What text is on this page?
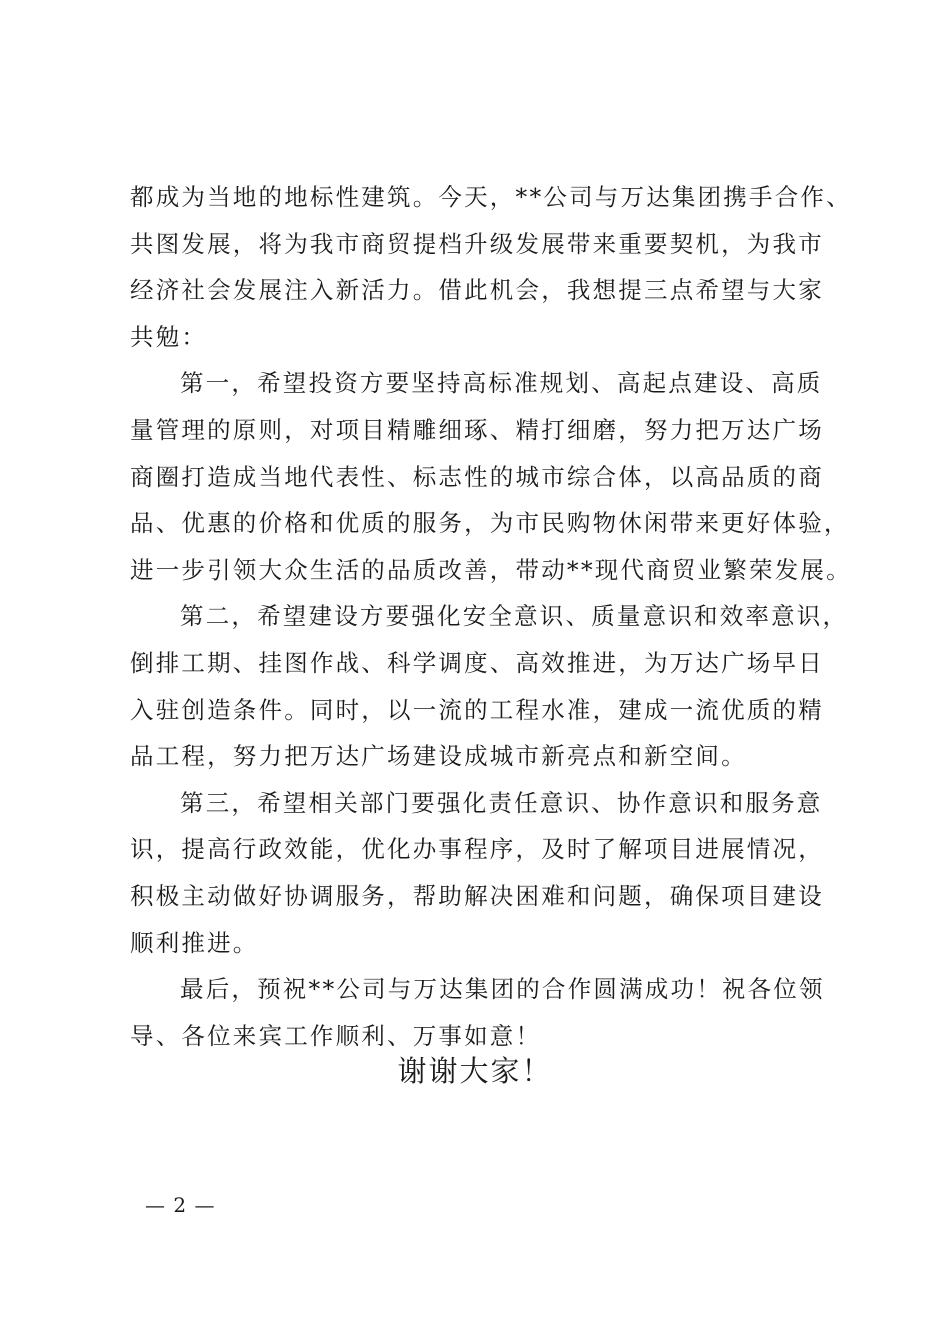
都成为当地的地标性建筑。今天，**公司与万达集团携手合作、
共图发展，将为我市商贸提档升级发展带来重要契机，为我市
经济社会发展注入新活力。借此机会，我想提三点希望与大家
共勉：
第一，希望投资方要坚持高标准规划、高起点建设、高质
量管理的原则，对项目精雕细琢、精打细磨，努力把万达广场
商圈打造成当地代表性、标志性的城市综合体，以高品质的商
品、优惠的价格和优质的服务，为市民购物休闲带来更好体验，
进一步引领大众生活的品质改善，带动**现代商贸业繁荣发展。
第二，希望建设方要强化安全意识、质量意识和效率意识，
倒排工期、挂图作战、科学调度、高效推进，为万达广场早日
入驻创造条件。同时，以一流的工程水准，建成一流优质的精
品工程，努力把万达广场建设成城市新亮点和新空间。
第三，希望相关部门要强化责任意识、协作意识和服务意
识，提高行政效能，优化办事程序，及时了解项目进展情况，
积极主动做好协调服务，帮助解决困难和问题，确保项目建设
顺利推进。
最后，预祝**公司与万达集团的合作圆满成功！祝各位领
导、各位来宾工作顺利、万事如意！
谢谢大家！
— 2 —
